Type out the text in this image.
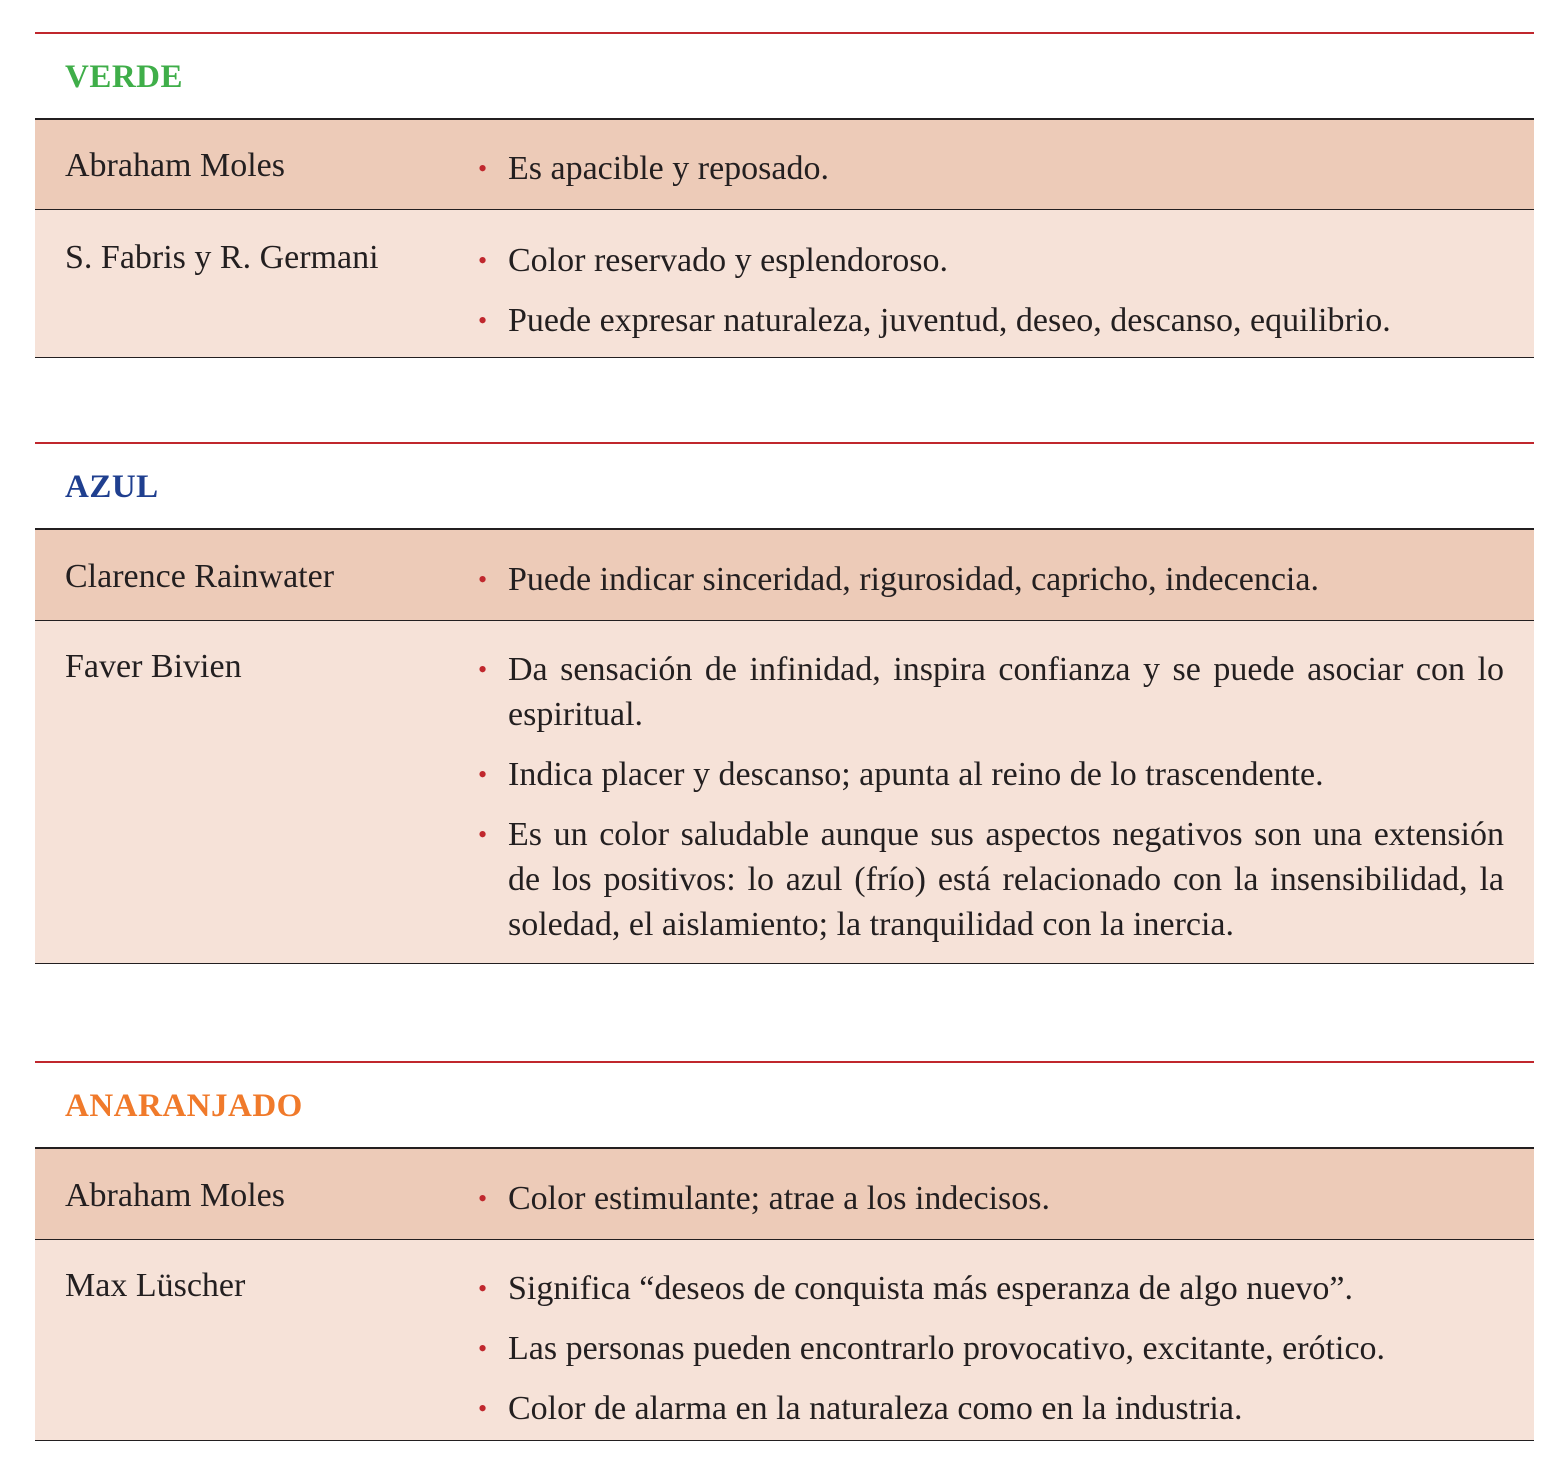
VERDE
Abraham Moles	• Es apacible y reposado.
S. Fabris y R. Germani	• Color reservado y esplendoroso.
• Puede expresar naturaleza, juventud, deseo, descanso, equilibrio.
AZUL
Clarence Rainwater	• Puede indicar sinceridad, rigurosidad, capricho, indecencia.
Faver Bivien	• Da sensación de infinidad, inspira confianza y se puede asociar con lo espiritual.
• Indica placer y descanso; apunta al reino de lo trascendente.
• Es un color saludable aunque sus aspectos negativos son una extensión de los positivos: lo azul (frío) está relacionado con la insensibilidad, la soledad, el aislamiento; la tranquilidad con la inercia.
ANARANJADO
Abraham Moles	• Color estimulante; atrae a los indecisos.
Max Lüscher	• Significa “deseos de conquista más esperanza de algo nuevo”.
• Las personas pueden encontrarlo provocativo, excitante, erótico.
• Color de alarma en la naturaleza como en la industria.
